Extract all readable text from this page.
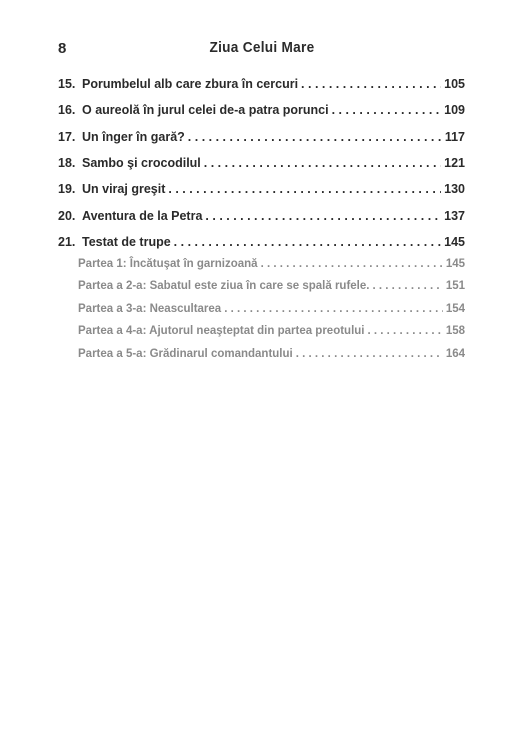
8	Ziua Celui Mare
15. Porumbelul alb care zbura în cercuri . . .	105
16. O aureolă în jurul celei de-a patra porunci . . .	109
17. Un înger în gară? . . .	117
18. Sambo şi crocodilul . . .	121
19. Un viraj greşit . . .	130
20. Aventura de la Petra . . .	137
21. Testat de trupe . . .	145
Partea 1: Încătuşat în garnizoană . . .	145
Partea a 2-a: Sabatul este ziua în care se spală rufele. . . .	151
Partea a 3-a: Neascultarea . . .	154
Partea a 4-a: Ajutorul neaşteptat din partea preotului . . .	158
Partea a 5-a: Grădinarul comandantului . . .	164
